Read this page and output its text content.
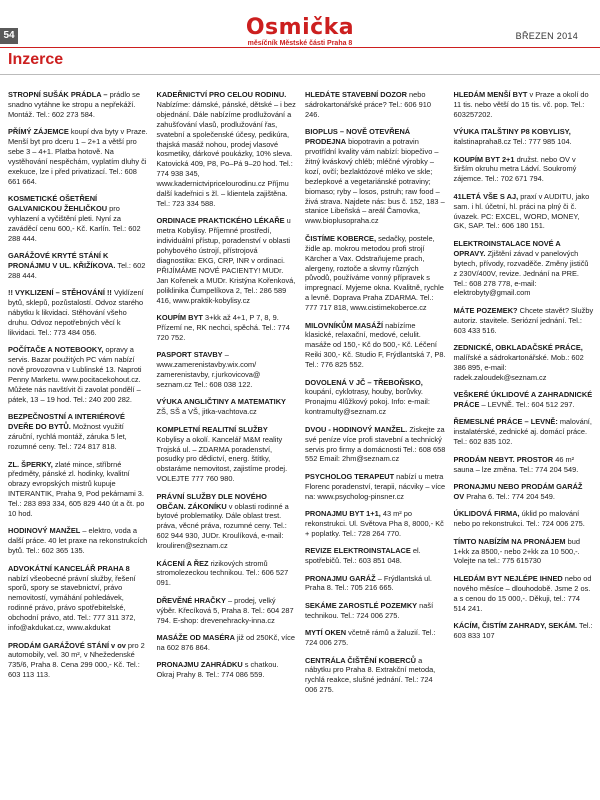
54	Osmička
měsíčník Městské části Praha 8
BŘEZEN 2014
Inzerce
STROPNÍ SUŠÁK PRÁDLA – prádlo se snadno vytáhne ke stropu a nepřekáží. Montáž. Tel.: 602 273 584.
PŘÍMÝ ZÁJEMCE koupí dva byty v Praze. Menší byt pro dceru 1 – 2+1 a větší pro sebe 3 – 4+1. Platba hotově. Na vystěhování nespěchám, vyplatím dluhy či exekuce, lze i před privatizací. Tel.: 608 661 664.
KOSMETICKÉ OŠETŘENÍ GALVANICKOU ŽEHLIČKOU pro vyhlazení a vyčištění pleti. Nyní za zaváděcí cenu 600,- Kč. Karlín. Tel.: 602 288 444.
GARÁŽOVÉ KRYTÉ STÁNÍ K PRONÁJMU V UL. KŘIŽÍKOVA. Tel.: 602 288 444.
!! VYKLIZENÍ – STĚHOVÁNÍ !! Vyklízení bytů, sklepů, pozůstalostí. Odvoz starého nábytku k likvidaci. Stěhování všeho druhu. Odvoz nepotřebných věcí k likvidaci. Tel.: 773 484 056.
POČÍTAČE A NOTEBOOKY, opravy a servis. Bazar použitých PC vám nabízí nově provozovna v Lublinské 13. Naproti Penny Marketu. www.pocitacekohout.cz. Můžete nás navštívit či zavolat pondělí – pátek, 13 – 19 hod. Tel.: 240 200 282.
BEZPEČNOSTNÍ A INTERIÉROVÉ DVEŘE DO BYTŮ. Možnost využití záruční, rychlá montáž, záruka 5 let, rozumné ceny. Tel.: 724 817 818.
ZL. ŠPERKY, zlaté mince, stříbrné předměty, pánské zl. hodinky, kvalitní obrazy evropských mistrů kupuje INTERANTIK, Praha 9, Pod pekárnami 3. Tel.: 283 893 334, 605 829 440 út a čt. po 10 hod.
HODINOVÝ MANŽEL – elektro, voda a další práce. 40 let praxe na rekonstrukcích bytů. Tel.: 602 365 135.
ADVOKÁTNÍ KANCELÁŘ PRAHA 8 nabízí všeobecné právní služby, řešení sporů, spory se stavebnictví, právo nemovitostí, vymáhání pohledávek, rodinné právo, právo spotřebitelské, obchodní právo, atd. Tel.: 777 311 372, info@akdukat.cz, www.akdukat
PRODÁM GARÁŽOVÉ STÁNÍ v ov pro 2 automobily, vel. 30 m², v Nhežedenské 735/6, Praha 8. Cena 299 000,- Kč. Tel.: 603 113 113.
KADEŘNICTVÍ PRO CELOU RODINU. Nabízíme: dámské, pánské, dětské – i bez objednání. Dále nabízíme prodlužování a zahušťování vlasů, prodlužování řas, svatební a společenské účesy, pedikúra, thajská masáž nohou, prodej vlasové kosmetiky, dárkové poukázky, 10% sleva. Katovická 409, P8, Po–Pá 9–20 hod. Tel.: 774 938 345, www.kadernictvipricelourodinu.cz Příjmu další kadeřnici s žl. – klientela zajištěna. Tel.: 723 334 588.
ORDINACE PRAKTICKÉHO LÉKAŘE u metra Kobylisy. Příjemné prostředí, individuální přístup, poradenství v oblasti pohybového ústrojí, přístrojová diagnostika: EKG, CRP, INR v ordinaci. PŘIJÍMÁME NOVÉ PACIENTY! MUDr. Jan Kořenek a MUDr. Kristýna Kořenková, poliklinika Čumpelíkova 2, Tel.: 286 589 416, www.praktik-kobylisy.cz
KOUPÍM BYT 3+kk až 4+1, P 7, 8, 9. Přízemí ne, RK nechci, spěchá. Tel.: 774 720 752.
PASPORT STAVBY – www.zamerenistavby.wix.com/ zamerenistavby, r.jurkovicova@ seznam.cz Tel.: 608 038 122.
VÝUKA ANGLIČTINY A MATEMATIKY ZŠ, SŠ a VŠ, jitka-vachtova.cz
KOMPLETNÍ REALITNÍ SLUŽBY Kobylisy a okolí. Kancelář M&M reality Trojská ul. – ZDARMA poradenství, posudky pro dědictví, energ. štítky, obstaráme nemovitost, zajistíme prodej. VOLEJTE 777 760 980.
PRÁVNÍ SLUŽBY DLE NOVÉHO OBČAN. ZÁKONÍKU v oblasti rodinné a bytové problematiky. Dále oblast trest. práva, věcné práva, rozumné ceny. Tel.: 602 944 930, JUDr. Kroulíková, e-mail: krouliren@seznam.cz
KÁCENÍ A ŘEZ rizikových stromů stromolezeckou technikou. Tel.: 606 527 091.
DŘEVĚNÉ HRAČKY – prodej, velký výběr. Křecíková 5, Praha 8. Tel.: 604 287 794. E-shop: drevenehracky-inna.cz
MASÁŽE OD MASÉRA již od 250Kč, více na 602 876 864.
PRONAJMU ZAHRÁDKU s chatkou. Okraj Prahy 8. Tel.: 774 086 559.
HLEDÁTE STAVEBNÍ DOZOR nebo sádrokartonářské práce? Tel.: 606 910 246.
BIOPLUS – NOVĚ OTEVŘENÁ PRODEJNA biopotravin a potravin prvotřídní kvality vám nabízí: biopečivo – žitný kváskový chléb; mléčné výrobky – kozí, ovčí; bezlaktózové mléko ve skle; bezlepkové a vegetariánské potraviny; biomaso; ryby – losos, pstruh; raw food – živá strava. Najdete nás: bus č. 152, 183 – stanice Libeňská – areál Čamovka, www.bioplusopraha.cz
ČISTÍME KOBERCE, sedačky, postele, židle ap. mokrou metodou profi strojí Kärcher a Vax. Odstraňujeme prach, alergeny, roztoče a skvrny různých původů, používáme vonný přípravek s impregnací. Myjeme okna. Kvalitně, rychle a levně. Doprava Praha ZDARMA. Tel.: 777 717 818, www.cistimekoberce.cz
MILOVNÍKŮM MASÁŽÍ nabízíme klasické, relaxační, medové, celulit. masáže od 150,- Kč do 500,- Kč. Léčení Reiki 300,- Kč. Studio F, Frýdlantská 7, P8. Tel.: 776 825 552.
DOVOLENÁ V JČ – TŘEBOŇSKO, koupání, cyklotrasy, houby, borůvky. Pronajmu 4lůžkový pokoj. Info: e-mail: kontramulty@seznam.cz
DVOU - HODINOVÝ MANŽEL. Ziskejte za své peníze více profi stavební a technický servis pro firmy a domácnosti Tel.: 608 658 552 Email: 2hm@seznam.cz
PSYCHOLOG TERAPEUT nabízí u metra Florenc poradenství, terapii, nácviky – více na: www.psycholog-pinsner.cz
PRONAJMU BYT 1+1, 43 m² po rekonstrukci. Ul. Světova Pha 8, 8000,- Kč + poplatky. Tel.: 728 264 770.
REVIZE ELEKTROINSTALACE el. spotřebičů. Tel.: 603 851 048.
PRONAJMU GARÁŽ – Frýdlantská ul. Praha 8. Tel.: 705 216 665.
SEKÁME ZAROSTLÉ POZEMKY naší technikou. Tel.: 724 006 275.
MYTÍ OKEN včetně rámů a žaluzií. Tel.: 724 006 275.
CENTRÁLA ČIŠTĚNÍ KOBERCŮ a nábytku pro Praha 8. Extrakční metoda, rychlá reakce, slušné jednání. Tel.: 724 006 275.
HLEDÁM MENŠÍ BYT v Praze a okolí do 11 tis. nebo větší do 15 tis. vč. pop. Tel.: 603257202.
VÝUKA ITALŠTINY P8 KOBYLISY, italstinapraha8.cz Tel.: 777 985 104.
KOUPÍM BYT 2+1 družst. nebo OV v širším okruhu metra Ládví. Soukromý zájemce. Tel.: 702 671 794.
41LETÁ VŠE S AJ, praxí v AUDITU, jako sam. i hl. účetní, hl. práci na plný či č. úvazek. PC: EXCEL, WORD, MONEY, GK, SAP. Tel.: 606 180 151.
ELEKTROINSTALACE NOVÉ A OPRAVY. Zjištění závad v panelových bytech, přívody, rozvaděče. Změny jističů z 230V/400V, revize. Jednání na PRE. Tel.: 608 278 778, e-mail: elektrobyty@gmail.com
MÁTE POZEMEK? Chcete stavět? Služby autoriz. stavitele. Seriózní jednání. Tel.: 603 433 516.
ZEDNICKÉ, OBKLADAČSKÉ PRÁCE, malířské a sádrokartonářské. Mob.: 602 386 895, e-mail: radek.zaloudek@seznam.cz
VEŠKERÉ ÚKLIDOVÉ A ZAHRADNICKÉ PRÁCE – LEVNĚ. Tel.: 604 512 297.
ŘEMESLNÉ PRÁCE – LEVNĚ: malování, instalatérské, zednické aj. domácí práce. Tel.: 602 835 102.
PRODÁM NEBYT. PROSTOR 46 m² sauna – lze změna. Tel.: 774 204 549.
PRONAJMU NEBO PRODÁM GARÁŽ OV Praha 6. Tel.: 774 204 549.
ÚKLIDOVÁ FIRMA, úklid po malování nebo po rekonstrukci. Tel.: 724 006 275.
TÍMTO NABÍZÍM NA PRONÁJEM bud 1+kk za 8500,- nebo 2+kk za 10 500,-. Volejte na tel.: 775 615730
HLEDÁM BYT NEJLÉPE IHNED nebo od nového měsíce – dlouhodobě. Jsme 2 os. a s cenou do 15 000,-. Děkuji, tel.: 774 514 241.
KÁCÍM, ČISTÍM ZAHRADY, SEKÁM. Tel.: 603 833 107
